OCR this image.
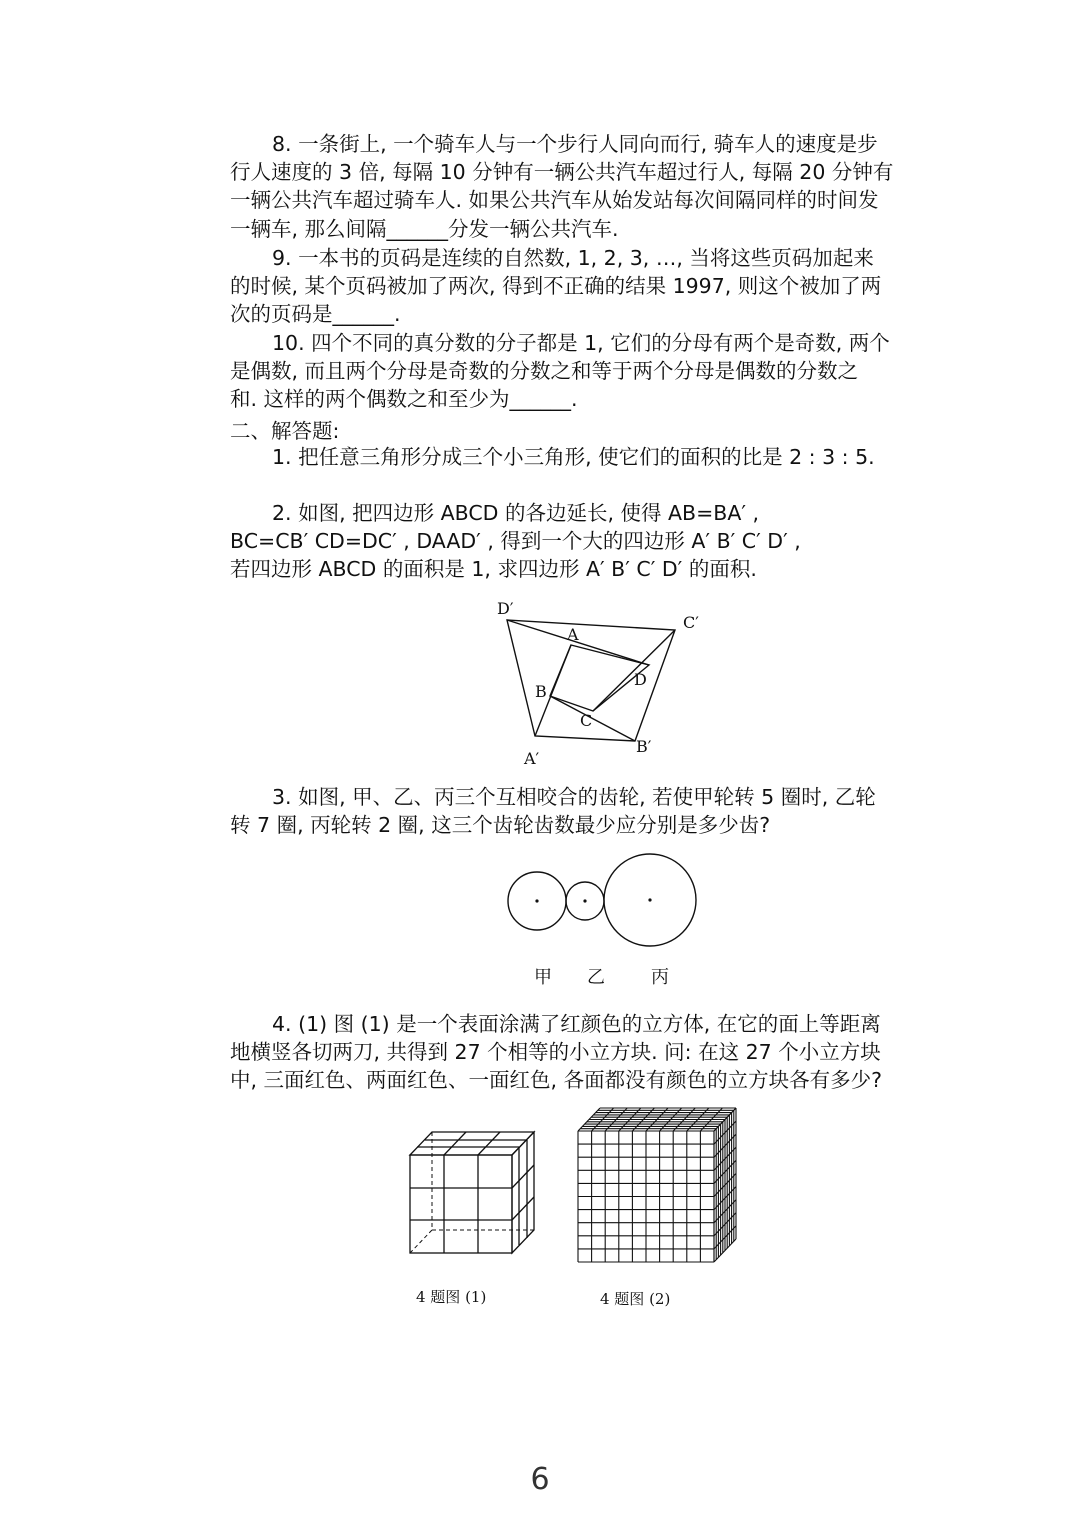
8. 一条街上, 一个骑车人与一个步行人同向而行, 骑车人的速度是步
行人速度的 3 倍, 每隔 10 分钟有一辆公共汽车超过行人, 每隔 20 分钟有
一辆公共汽车超过骑车人. 如果公共汽车从始发站每次间隔同样的时间发
一辆车, 那么间隔______分发一辆公共汽车.
9. 一本书的页码是连续的自然数, 1, 2, 3, …, 当将这些页码加起来
的时候, 某个页码被加了两次, 得到不正确的结果 1997, 则这个被加了两
次的页码是______.
10. 四个不同的真分数的分子都是 1, 它们的分母有两个是奇数, 两个
是偶数, 而且两个分母是奇数的分数之和等于两个分母是偶数的分数之
和. 这样的两个偶数之和至少为______.
二、解答题:
1. 把任意三角形分成三个小三角形, 使它们的面积的比是 2 : 3 : 5.
2. 如图, 把四边形 ABCD 的各边延长, 使得 AB=BA′ ,
BC=CB′ CD=DC′ , DAAD′ , 得到一个大的四边形 A′ B′ C′ D′ ,
若四边形 ABCD 的面积是 1, 求四边形 A′ B′ C′ D′ 的面积.
D′
C′
A
B
C
D
A′
B′
3. 如图, 甲、乙、丙三个互相咬合的齿轮, 若使甲轮转 5 圈时, 乙轮
转 7 圈, 丙轮转 2 圈, 这三个齿轮齿数最少应分别是多少齿?
甲 乙	丙
4. (1) 图 (1) 是一个表面涂满了红颜色的立方体, 在它的面上等距离
地横竖各切两刀, 共得到 27 个相等的小立方块. 问: 在这 27 个小立方块
中, 三面红色、两面红色、一面红色, 各面都没有颜色的立方块各有多少?
4 题图 (1)	4 题图 (2)
6
